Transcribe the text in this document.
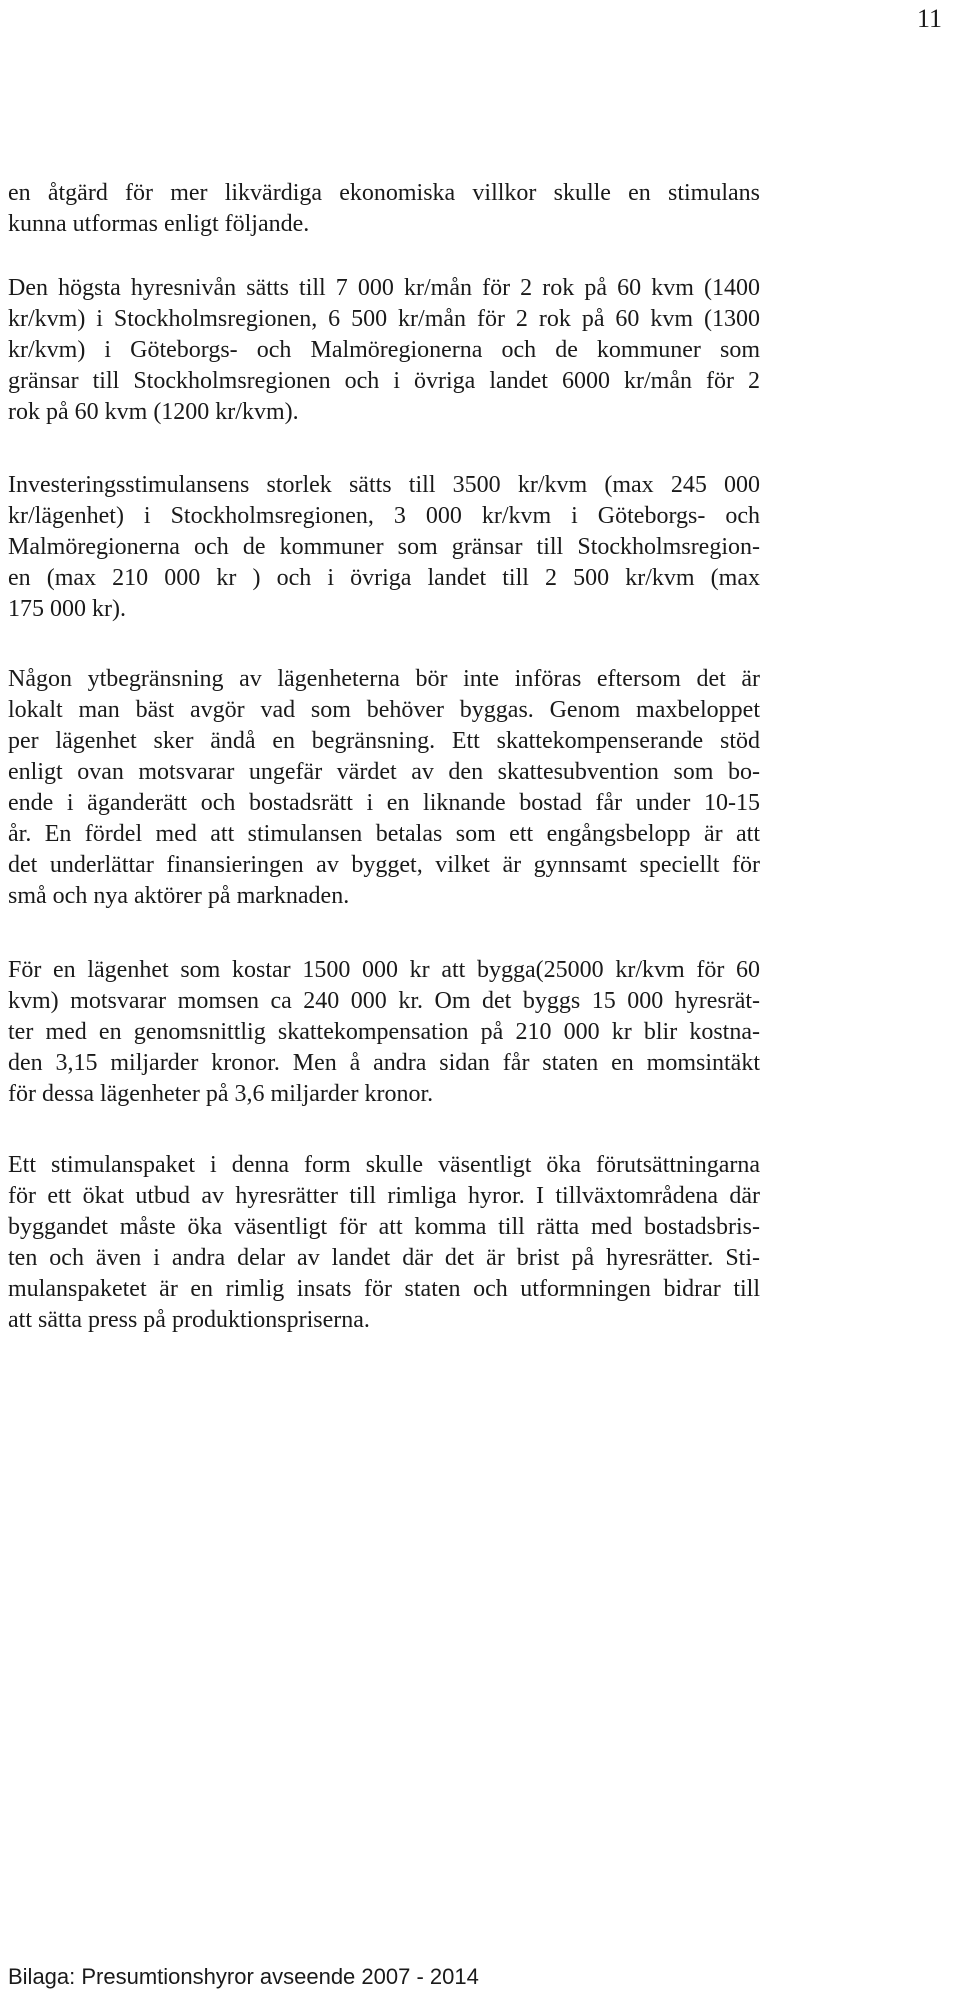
11
en åtgärd för mer likvärdiga ekonomiska villkor skulle en stimulans
kunna utformas enligt följande.
Den högsta hyresnivån sätts till 7 000 kr/mån för 2 rok på 60 kvm (1400
kr/kvm) i Stockholmsregionen, 6 500 kr/mån för 2 rok på 60 kvm (1300
kr/kvm) i Göteborgs- och Malmöregionerna och de kommuner som
gränsar till Stockholmsregionen och i övriga landet 6000 kr/mån för 2
rok på 60 kvm (1200 kr/kvm).
Investeringsstimulansens storlek sätts till 3500 kr/kvm (max 245 000
kr/lägenhet) i Stockholmsregionen, 3 000 kr/kvm i Göteborgs- och
Malmöregionerna och de kommuner som gränsar till Stockholmsregion-
en (max 210 000 kr ) och i övriga landet till 2 500 kr/kvm (max
175 000 kr).
Någon ytbegränsning av lägenheterna bör inte införas eftersom det är
lokalt man bäst avgör vad som behöver byggas. Genom maxbeloppet
per lägenhet sker ändå en begränsning. Ett skattekompenserande stöd
enligt ovan motsvarar ungefär värdet av den skattesubvention som bo-
ende i äganderätt och bostadsrätt i en liknande bostad får under 10-15
år. En fördel med att stimulansen betalas som ett engångsbelopp är att
det underlättar finansieringen av bygget, vilket är gynnsamt speciellt för
små och nya aktörer på marknaden.
För en lägenhet som kostar 1500 000 kr att bygga(25000 kr/kvm för 60
kvm) motsvarar momsen ca 240 000 kr. Om det byggs 15 000 hyresrät-
ter med en genomsnittlig skattekompensation på 210 000 kr blir kostna-
den 3,15 miljarder kronor. Men å andra sidan får staten en momsintäkt
för dessa lägenheter på 3,6 miljarder kronor.
Ett stimulanspaket i denna form skulle väsentligt öka förutsättningarna
för ett ökat utbud av hyresrätter till rimliga hyror. I tillväxtområdena där
byggandet måste öka väsentligt för att komma till rätta med bostadsbris-
ten och även i andra delar av landet där det är brist på hyresrätter. Sti-
mulanspaketet är en rimlig insats för staten och utformningen bidrar till
att sätta press på produktionspriserna.
Bilaga: Presumtionshyror avseende 2007 - 2014
